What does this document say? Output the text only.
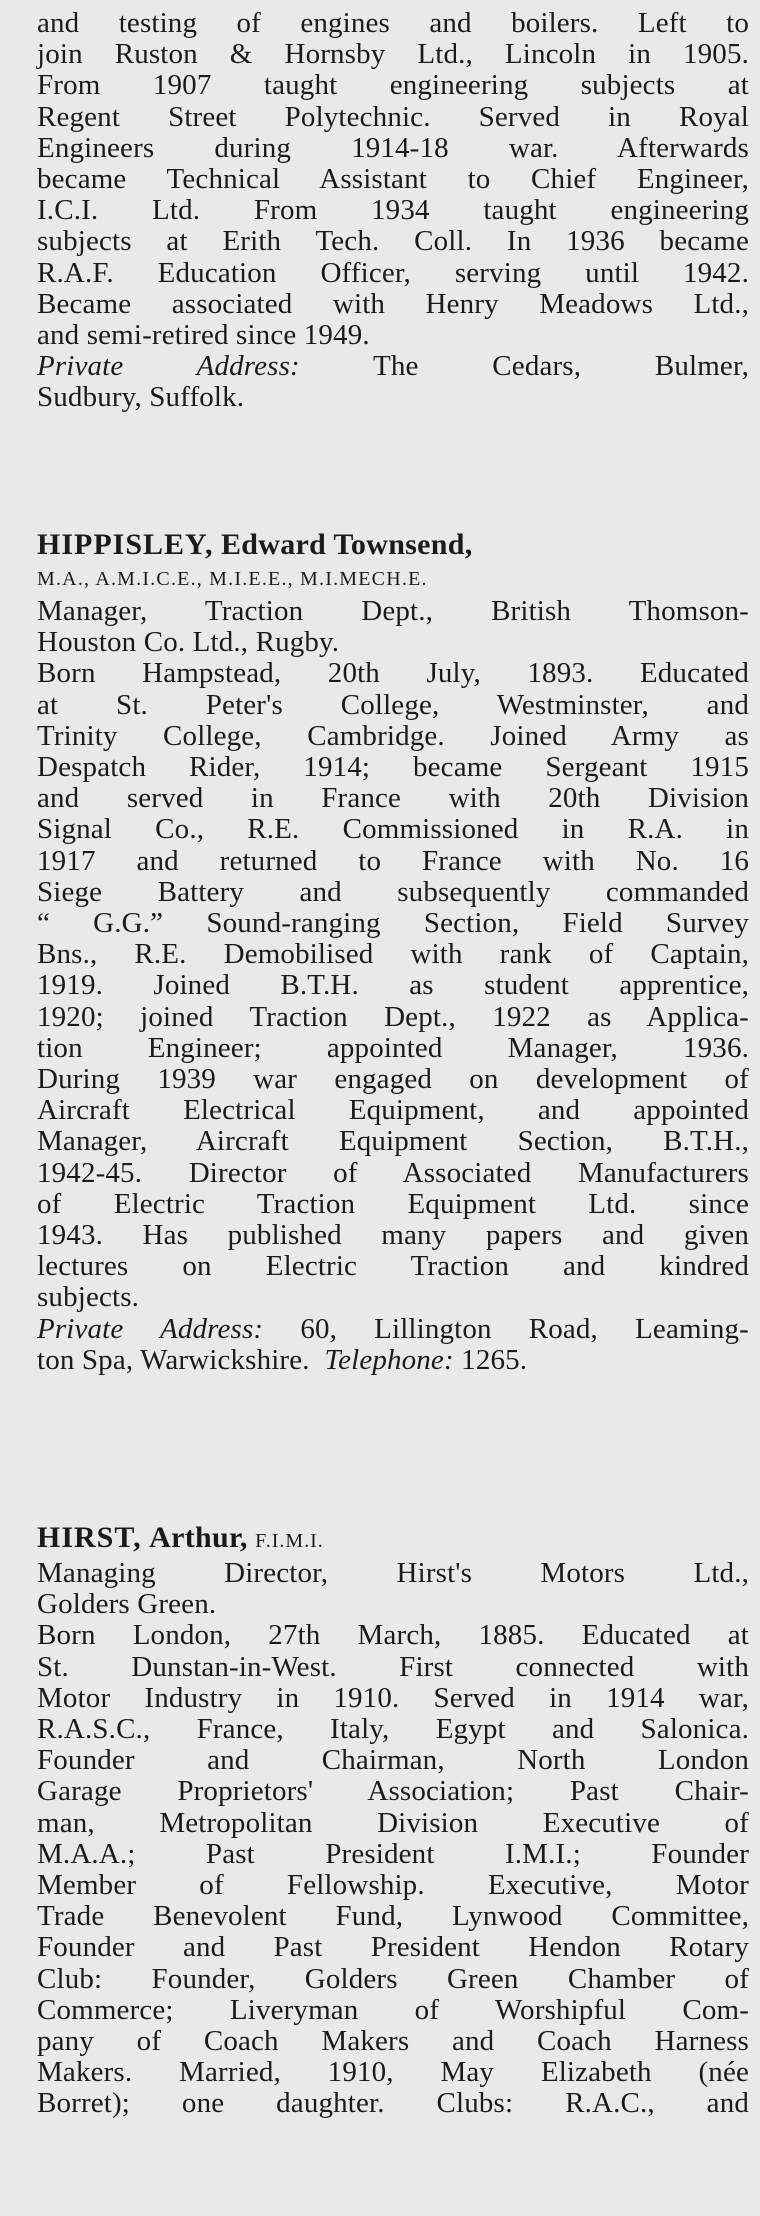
and testing of engines and boilers. Left to
join Ruston & Hornsby Ltd., Lincoln in 1905.
From 1907 taught engineering subjects at
Regent Street Polytechnic. Served in Royal
Engineers during 1914-18 war. Afterwards
became Technical Assistant to Chief Engineer,
I.C.I. Ltd. From 1934 taught engineering
subjects at Erith Tech. Coll. In 1936 became
R.A.F. Education Officer, serving until 1942.
Became associated with Henry Meadows Ltd.,
and semi-retired since 1949.
Private Address:	The Cedars, Bulmer,
Sudbury, Suffolk.
HIPPISLEY, Edward Townsend,
M.A., A.M.I.C.E., M.I.E.E., M.I.MECH.E.
Manager, Traction Dept., British Thomson-
Houston Co. Ltd., Rugby.
Born Hampstead, 20th July, 1893. Educated
at St. Peter's College, Westminster, and
Trinity College, Cambridge. Joined Army as
Despatch Rider, 1914; became Sergeant 1915
and served in France with 20th Division
Signal Co., R.E. Commissioned in R.A. in
1917 and returned to France with No. 16
Siege Battery and subsequently commanded
“ G.G.” Sound-ranging Section, Field Survey
Bns., R.E. Demobilised with rank of Captain,
1919. Joined B.T.H. as student apprentice,
1920; joined Traction Dept., 1922 as Applica-
tion Engineer; appointed Manager, 1936.
During 1939 war engaged on development of
Aircraft Electrical Equipment, and appointed
Manager, Aircraft Equipment Section, B.T.H.,
1942-45. Director of Associated Manufacturers
of Electric Traction Equipment Ltd. since
1943. Has published many papers and given
lectures on Electric Traction and kindred
subjects.
Private Address: 60, Lillington Road, Leaming-
ton Spa, Warwickshire. Telephone: 1265.
HIRST, Arthur, F.I.M.I.
Managing Director, Hirst's Motors Ltd.,
Golders Green.
Born London, 27th March, 1885. Educated at
St. Dunstan-in-West. First connected with
Motor Industry in 1910. Served in 1914 war,
R.A.S.C., France, Italy, Egypt and Salonica.
Founder and Chairman, North London
Garage Proprietors' Association; Past Chair-
man, Metropolitan Division Executive of
M.A.A.; Past President I.M.I.; Founder
Member of Fellowship. Executive, Motor
Trade Benevolent Fund, Lynwood Committee,
Founder and Past President Hendon Rotary
Club: Founder, Golders Green Chamber of
Commerce; Liveryman of Worshipful Com-
pany of Coach Makers and Coach Harness
Makers. Married, 1910, May Elizabeth (née
Borret); one daughter. Clubs: R.A.C., and
